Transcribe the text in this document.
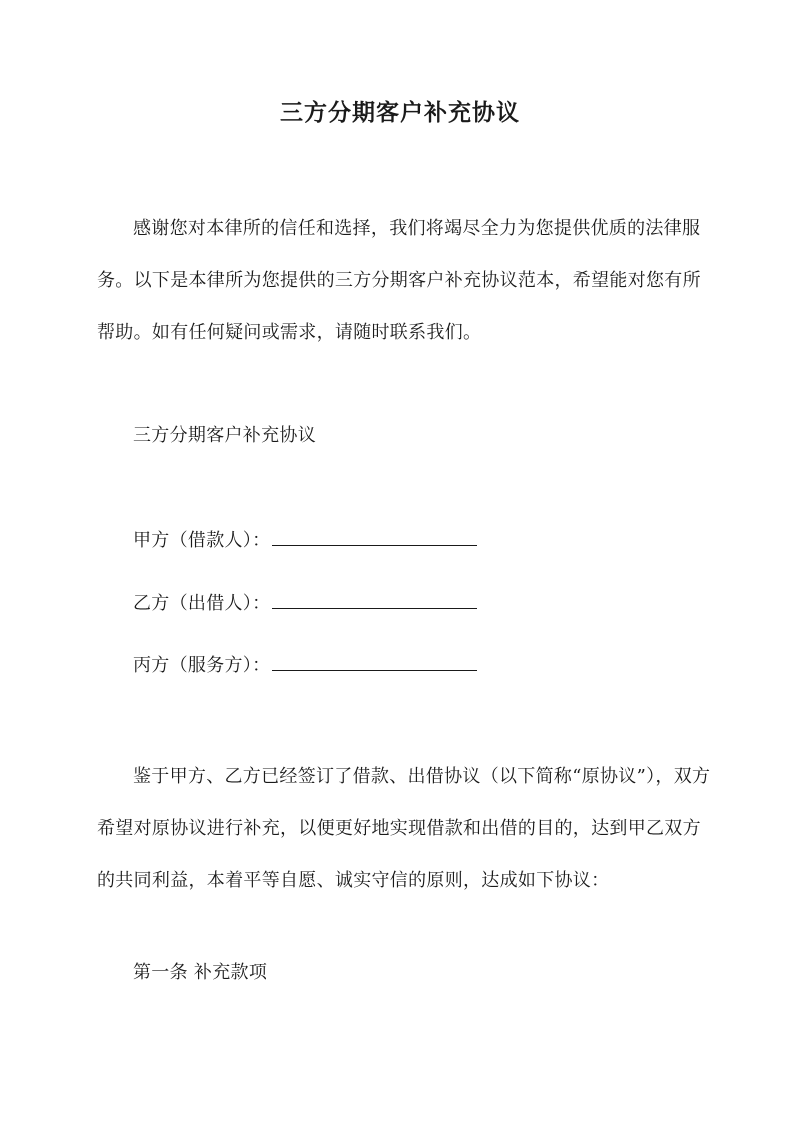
三方分期客户补充协议
感谢您对本律所的信任和选择，我们将竭尽全力为您提供优质的法律服务。以下是本律所为您提供的三方分期客户补充协议范本，希望能对您有所帮助。如有任何疑问或需求，请随时联系我们。
三方分期客户补充协议
甲方（借款人）：
乙方（出借人）：
丙方（服务方）：
鉴于甲方、乙方已经签订了借款、出借协议（以下简称“原协议”），双方希望对原协议进行补充，以便更好地实现借款和出借的目的，达到甲乙双方的共同利益，本着平等自愿、诚实守信的原则，达成如下协议：
第一条 补充款项
